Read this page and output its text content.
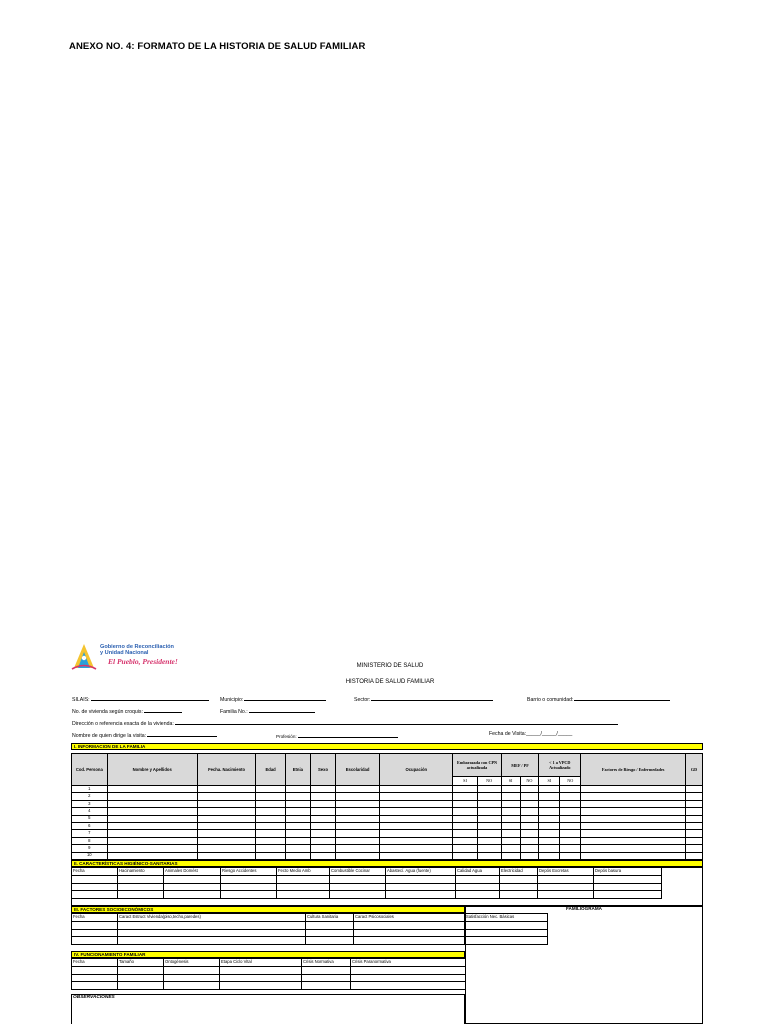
ANEXO NO. 4: FORMATO DE LA HISTORIA DE SALUD FAMILIAR
Gobierno de Reconciliación
y Unidad Nacional
El Pueblo, Presidente!	MINISTERIO DE SALUD
HISTORIA DE SALUD FAMILIAR
SILAIS:	Municipio:	Sector:	Barrio o comunidad:
No. de vivienda según croquis:	Familia No.:
Dirección o referencia exacta de la vivienda:
Nombre de quien dirige la visita:	Profesión:	Fecha de Visita:_____/_____/_____
I. INFORMACION DE LA FAMILIA
Cod. Persona	Nombre y Apellidos	Fecha. Nacimiento	Edad	Etnia	Sexo	Escolaridad	Ocupación	Embarazada con CPN actualizada		MEF / PF		< 1 a VPCD Actualizado		Factores de Riesgo / Enfermedades	GD
								SI	NO	SI	NO	SI	NO		
1															
2															
3															
4															
5															
6															
7															
8															
9															
10															
II. CARACTERÍSTICAS HIGIÉNICO-SANITARIAS
Fecha	Hacinamiento	Animales Domést	Riesgo Accidentes	Fecto Medio Amb	Combustible Cocinar	Abastecí. Agua (fuente)	Calidad Agua	Electricidad	Depós Excretas	Depós basura

III. FACTORES SOCIOECONÓMICOS	FAMILIOGRAMA
Fecha	Caract Estruct Vivienda(piso,techo,paredes)	Cultura Sanitaria	Caract Psicosociales	Satisfacción Nec. Básicas

IV. FUNCIONAMIENTO FAMILIAR
Fecha	Tamaño	Ontogénesis	Etapa Ciclo Vital	Crisis Normativa	Crisis Paranormativa

OBSERVACIONES
